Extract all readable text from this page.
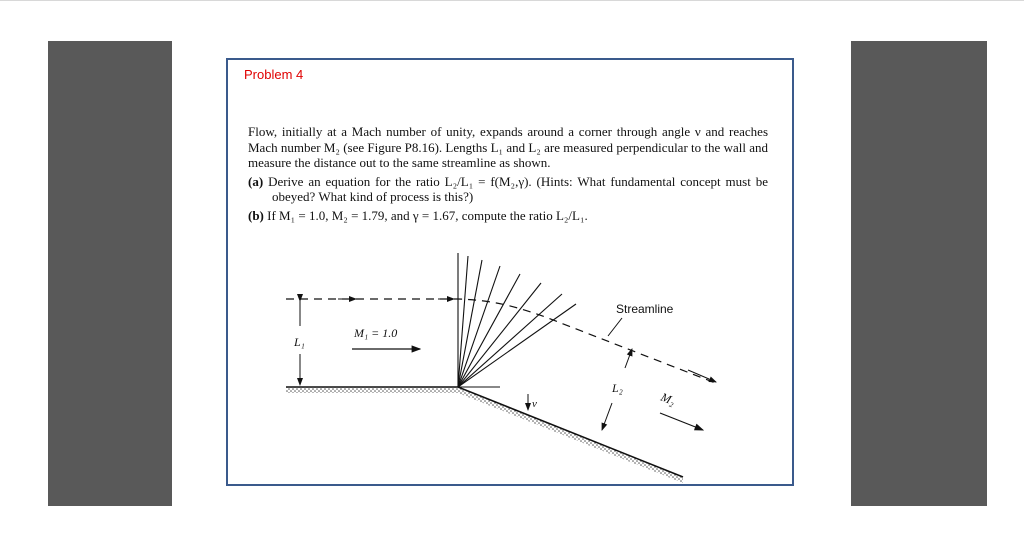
Problem 4

Flow, initially at a Mach number of unity, expands around a corner through angle ν and reaches Mach number M₂ (see Figure P8.16). Lengths L₁ and L₂ are measured perpendicular to the wall and measure the distance out to the same streamline as shown.

(a) Derive an equation for the ratio L₂/L₁ = f(M₂,γ). (Hints: What fundamental concept must be obeyed? What kind of process is this?)

(b) If M₁ = 1.0, M₂ = 1.79, and γ = 1.67, compute the ratio L₂/L₁.

Streamline
L₁
M₁ = 1.0
ν
L₂
M₂
